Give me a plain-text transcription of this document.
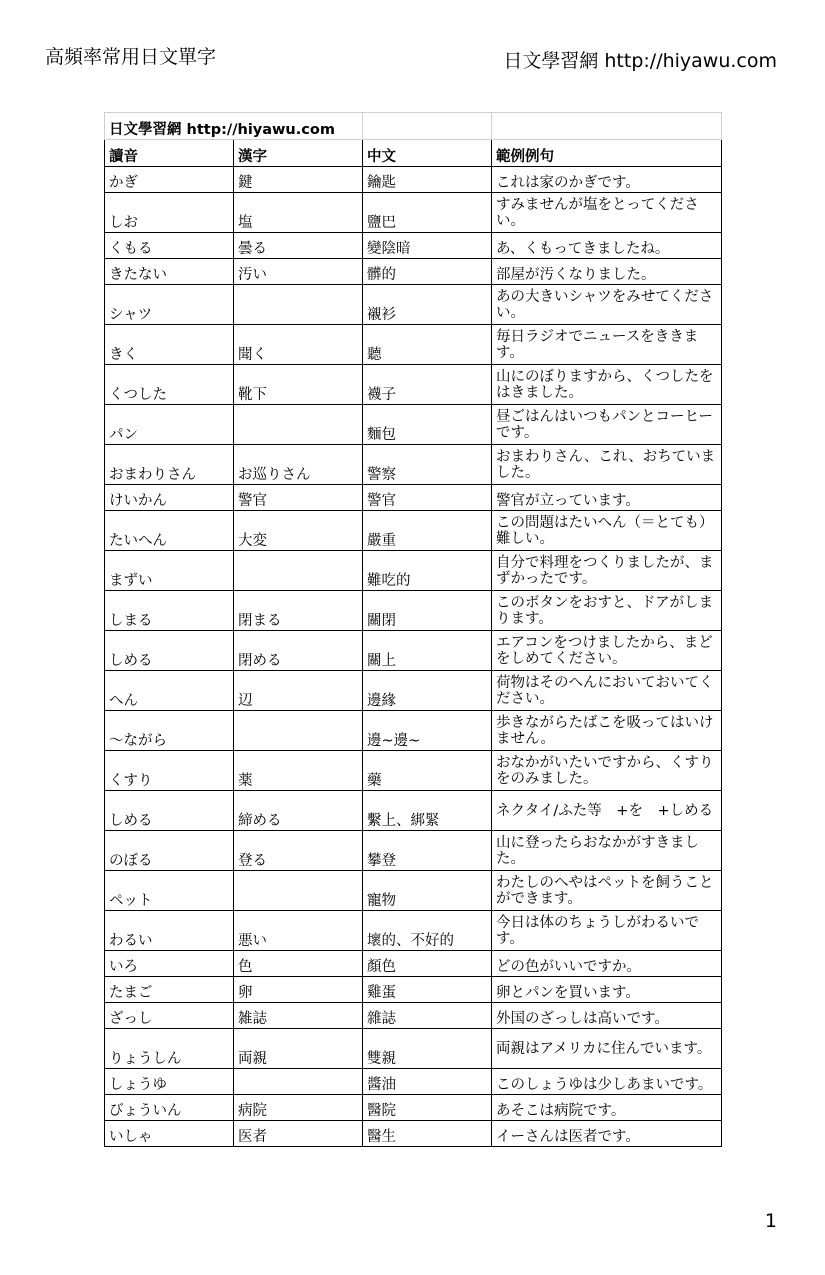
高頻率常用日文單字	日文學習網 http://hiyawu.com
日文學習網 http://hiyawu.com			
讀音	漢字	中文	範例例句
かぎ	鍵	鑰匙	これは家のかぎです。
しお	塩	鹽巴	すみませんが塩をとってください。
くもる	曇る	變陰暗	あ、くもってきましたね。
きたない	汚い	髒的	部屋が汚くなりました。
シャツ		襯衫	あの大きいシャツをみせてください。
きく	聞く	聽	毎日ラジオでニュースをききます。
くつした	靴下	襪子	山にのぼりますから、くつしたをはきました。
パン		麵包	昼ごはんはいつもパンとコーヒーです。
おまわりさん	お巡りさん	警察	おまわりさん、これ、おちていました。
けいかん	警官	警官	警官が立っています。
たいへん	大変	嚴重	この問題はたいへん（＝とても）難しい。
まずい		難吃的	自分で料理をつくりましたが、まずかったです。
しまる	閉まる	關閉	このボタンをおすと、ドアがしまります。
しめる	閉める	關上	エアコンをつけましたから、まどをしめてください。
へん	辺	邊緣	荷物はそのへんにおいておいてください。
～ながら		邊~邊~	歩きながらたばこを吸ってはいけません。
くすり	薬	藥	おなかがいたいですから、くすりをのみました。
しめる	締める	繫上、綁緊	ネクタイ/ふた等　+を　+しめる
のぼる	登る	攀登	山に登ったらおなかがすきました。
ペット		寵物	わたしのへやはペットを飼うことができます。
わるい	悪い	壞的、不好的	今日は体のちょうしがわるいです。
いろ	色	顏色	どの色がいいですか。
たまご	卵	雞蛋	卵とパンを買います。
ざっし	雑誌	雜誌	外国のざっしは高いです。
りょうしん	両親	雙親	両親はアメリカに住んでいます。
しょうゆ		醬油	このしょうゆは少しあまいです。
びょういん	病院	醫院	あそこは病院です。
いしゃ	医者	醫生	イーさんは医者です。
1
